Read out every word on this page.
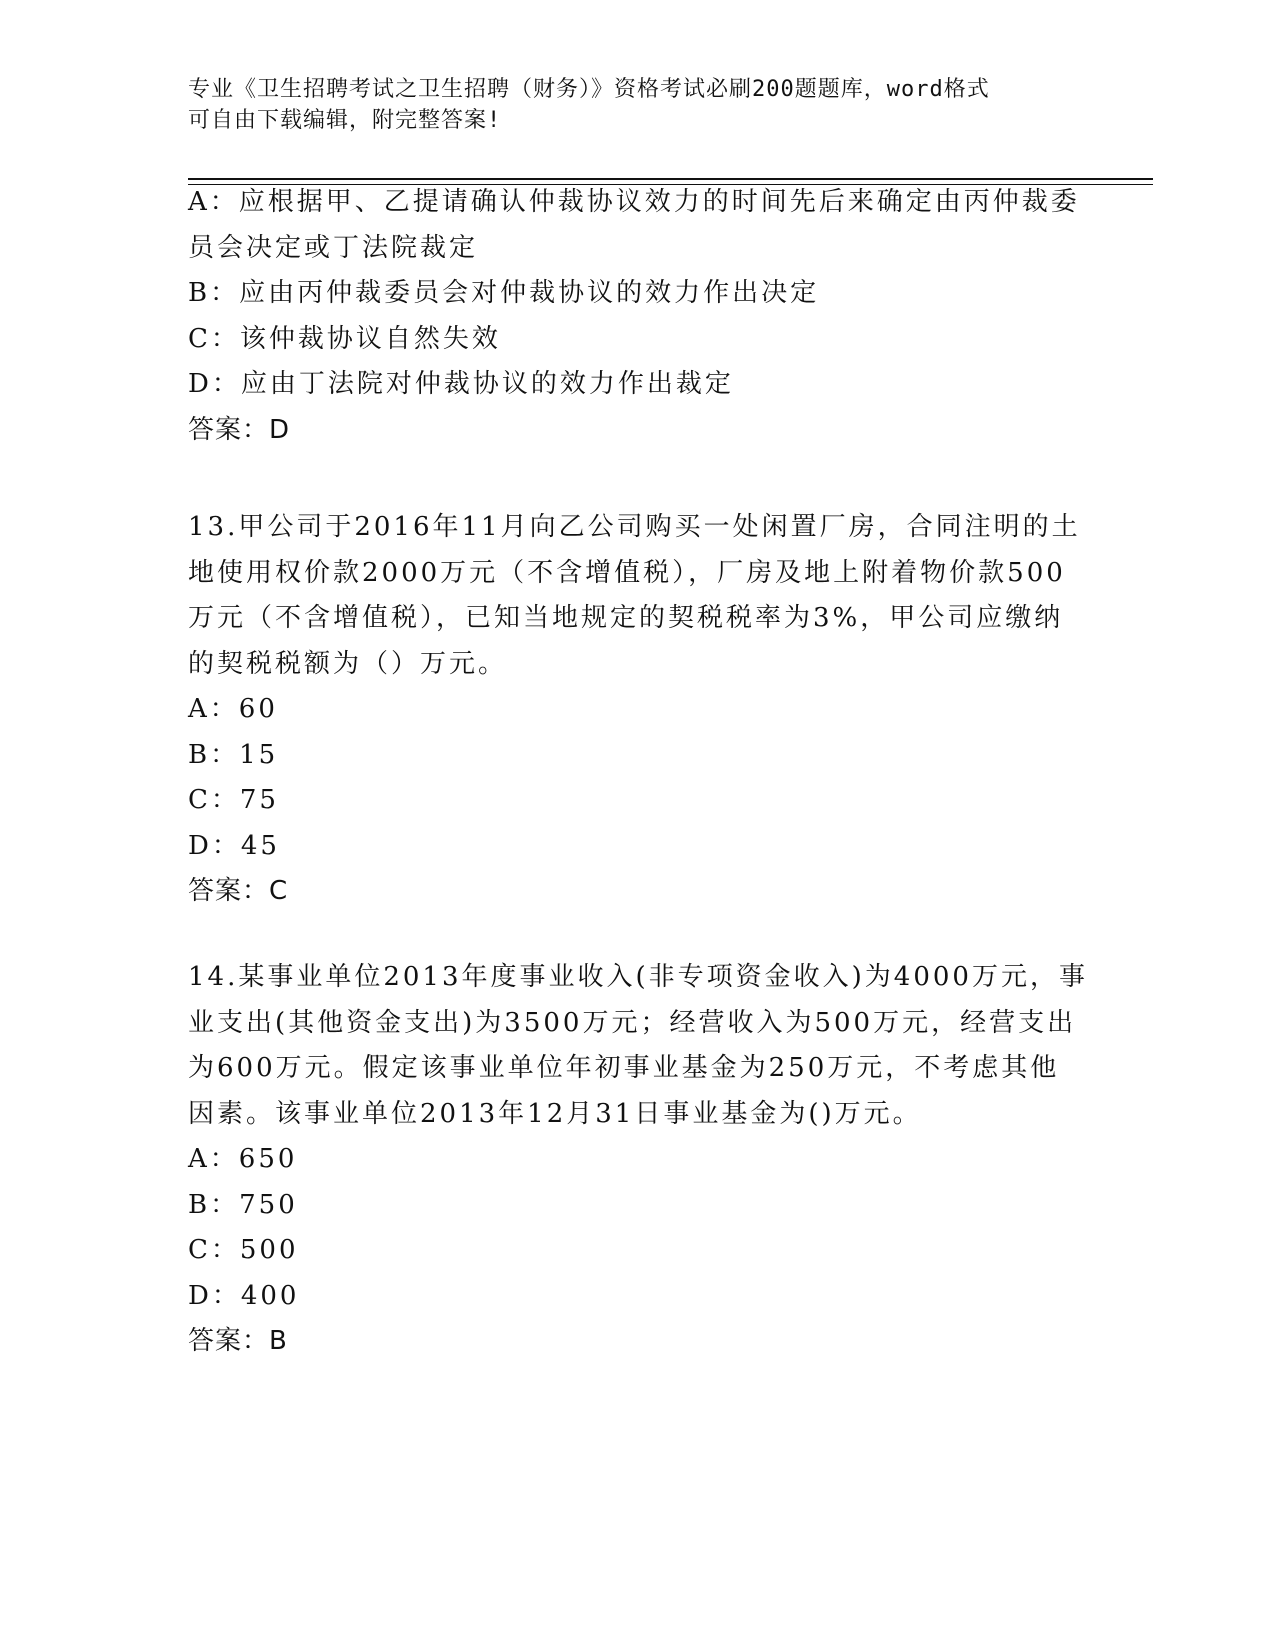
专业《卫生招聘考试之卫生招聘（财务）》资格考试必刷200题题库，word格式
可自由下载编辑，附完整答案!
A：应根据甲、乙提请确认仲裁协议效力的时间先后来确定由丙仲裁委
员会决定或丁法院裁定
B：应由丙仲裁委员会对仲裁协议的效力作出决定
C：该仲裁协议自然失效
D：应由丁法院对仲裁协议的效力作出裁定
答案：D
13.甲公司于2016年11月向乙公司购买一处闲置厂房，合同注明的土
地使用权价款2000万元（不含增值税），厂房及地上附着物价款500
万元（不含增值税），已知当地规定的契税税率为3%，甲公司应缴纳
的契税税额为（）万元。
A：60
B：15
C：75
D：45
答案：C
14.某事业单位2013年度事业收入(非专项资金收入)为4000万元，事
业支出(其他资金支出)为3500万元；经营收入为500万元，经营支出
为600万元。假定该事业单位年初事业基金为250万元，不考虑其他
因素。该事业单位2013年12月31日事业基金为()万元。
A：650
B：750
C：500
D：400
答案：B
